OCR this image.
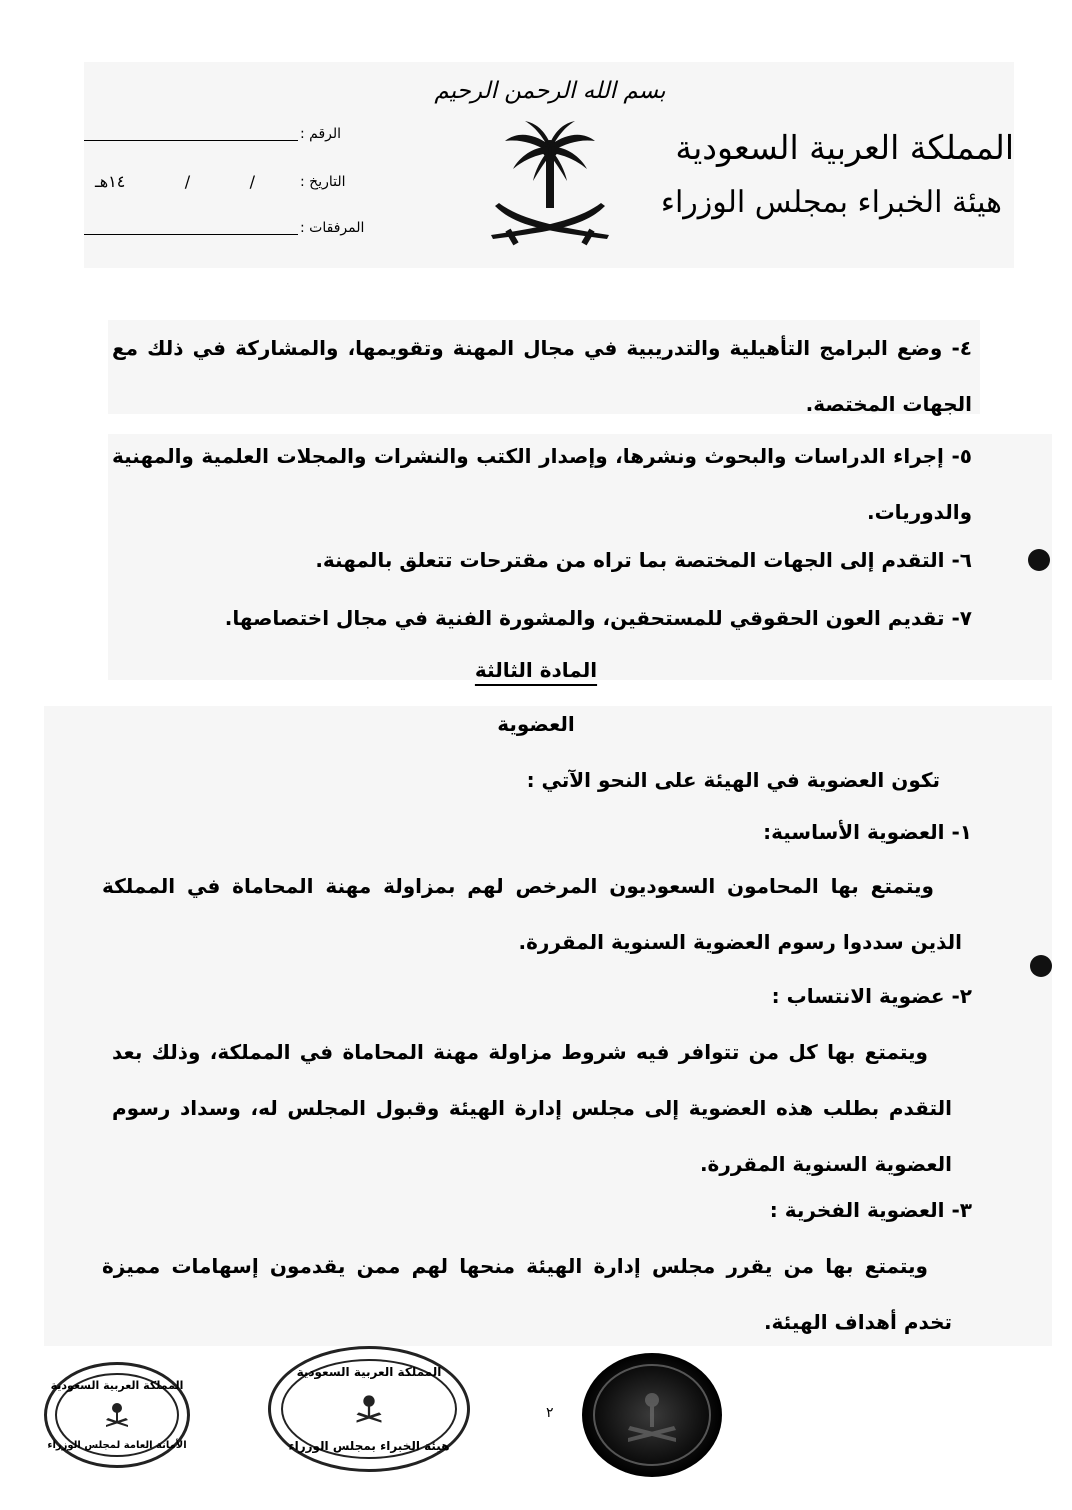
بسم الله الرحمن الرحيم
المملكة العربية السعودية
هيئة الخبراء بمجلس الوزراء
الرقم :
التاريخ :
/
/
١٤هـ
المرفقات :
٤- وضع البرامج التأهيلية والتدريبية في مجال المهنة وتقويمها، والمشاركة في ذلك مع الجهات المختصة.
٥- إجراء الدراسات والبحوث ونشرها، وإصدار الكتب والنشرات والمجلات العلمية والمهنية والدوريات.
٦- التقدم إلى الجهات المختصة بما تراه من مقترحات تتعلق بالمهنة.
٧- تقديم العون الحقوقي للمستحقين، والمشورة الفنية في مجال اختصاصها.
المادة الثالثة
العضوية
تكون العضوية في الهيئة على النحو الآتي :
١- العضوية الأساسية:
ويتمتع بها المحامون السعوديون المرخص لهم بمزاولة مهنة المحاماة في المملكة الذين سددوا رسوم العضوية السنوية المقررة.
٢- عضوية الانتساب :
ويتمتع بها كل من تتوافر فيه شروط مزاولة مهنة المحاماة في المملكة، وذلك بعد التقدم بطلب هذه العضوية إلى مجلس إدارة الهيئة وقبول المجلس له، وسداد رسوم العضوية السنوية المقررة.
٣- العضوية الفخرية :
ويتمتع بها من يقرر مجلس إدارة الهيئة منحها لهم ممن يقدمون إسهامات مميزة تخدم أهداف الهيئة.
المملكة العربية السعودية
الأمانة العامة لمجلس الوزراء
المملكة العربية السعودية
هيئة الخبراء بمجلس الوزراء
٢
